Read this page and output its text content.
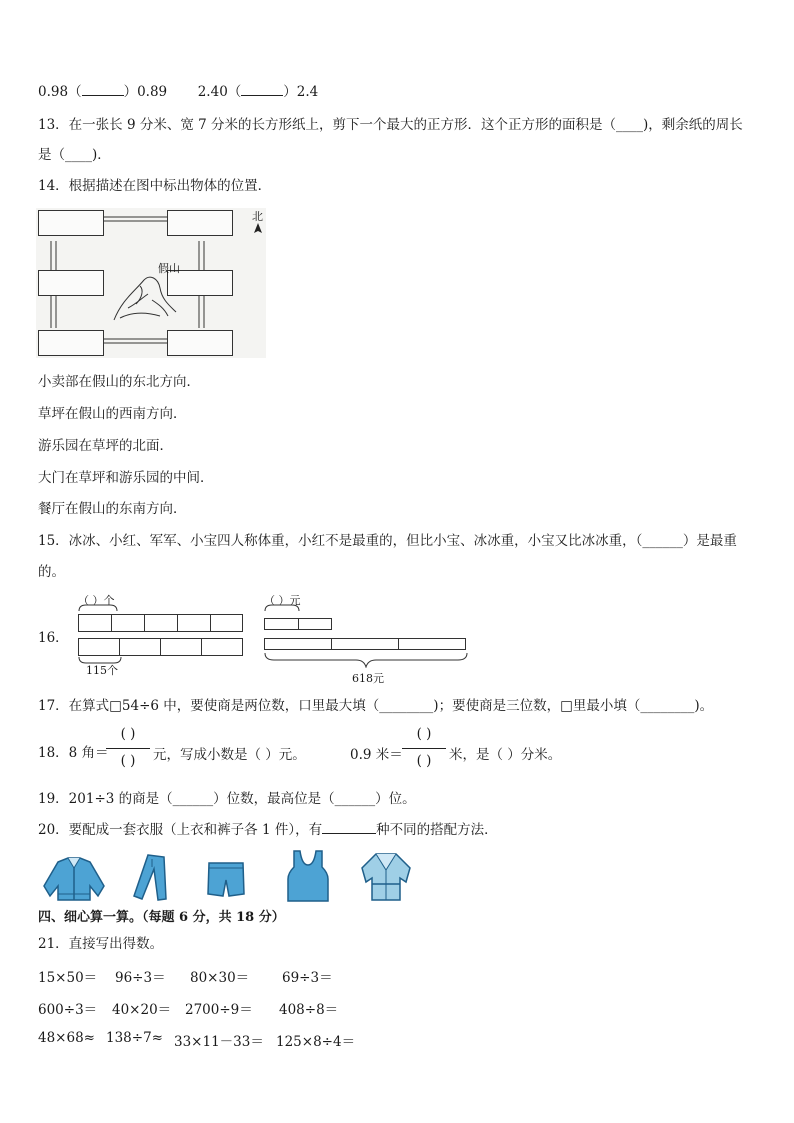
0.98（	）0.89 2.40（	）2.4
13．在一张长 9 分米、宽 7 分米的长方形纸上，剪下一个最大的正方形．这个正方形的面积是（____)，剩余纸的周长
是（____)．
14．根据描述在图中标出物体的位置．
假山
北
小卖部在假山的东北方向．
草坪在假山的西南方向．
游乐园在草坪的北面．
大门在草坪和游乐园的中间．
餐厅在假山的东南方向．
15．冰冰、小红、军军、小宝四人称体重，小红不是最重的，但比小宝、冰冰重，小宝又比冰冰重，（______）是最重
的。
16．
（ ）个
115个
（ ）元
618元
17．在算式□54÷6 中，要使商是两位数，口里最大填（________)；要使商是三位数，□里最小填（________)。
18．8 角＝
( )
( )	元，写成小数是（ ）元。	0.9 米＝
( )
( )	米，是（ ）分米。
19．201÷3 的商是（______）位数，最高位是（______）位。
20．要配成一套衣服（上衣和裤子各 1 件），有	种不同的搭配方法．
四、细心算一算。（每题 6 分，共 18 分）
21．直接写出得数。
15×50＝ 96÷3＝ 80×30＝ 69÷3＝
600÷3＝ 40×20＝ 2700÷9＝ 408÷8＝
48×68≈ 138÷7≈ 33×11－33＝ 125×8÷4＝
